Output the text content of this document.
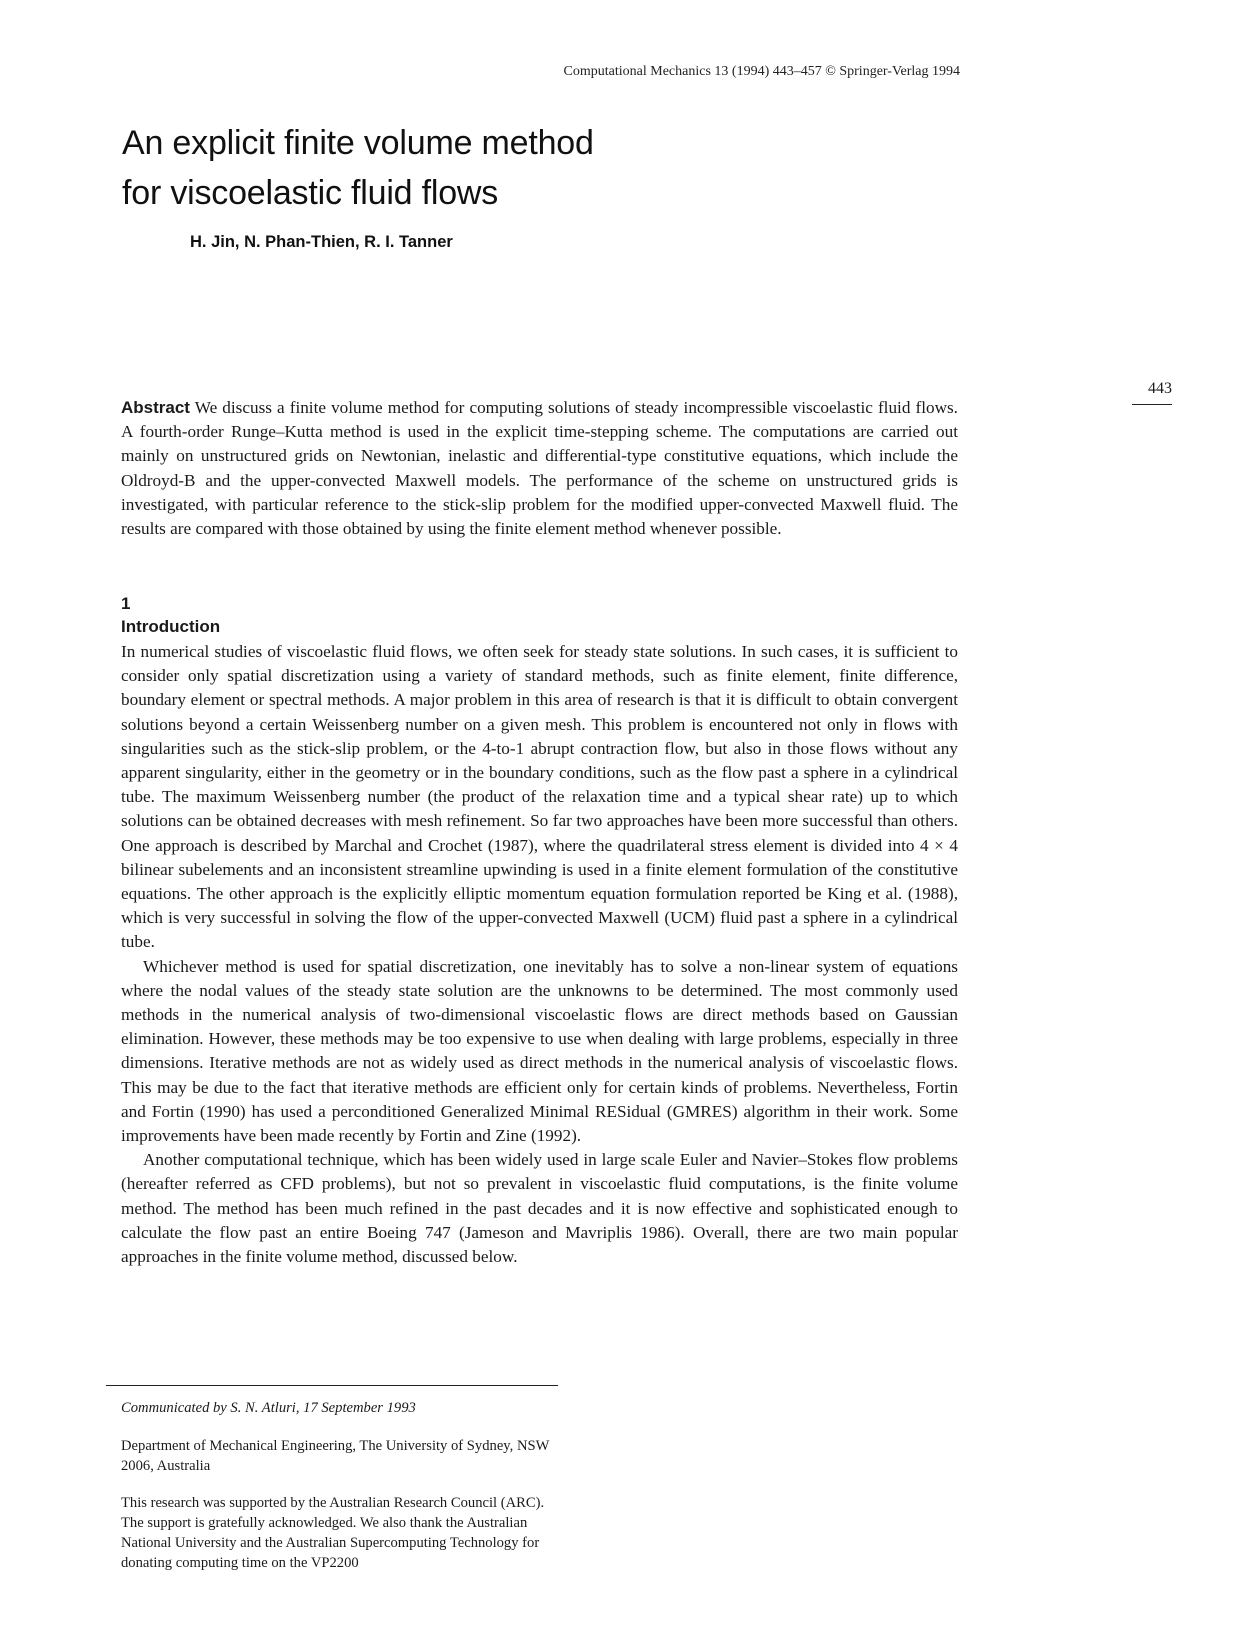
Computational Mechanics 13 (1994) 443–457 © Springer-Verlag 1994
An explicit finite volume method
for viscoelastic fluid flows
H. Jin, N. Phan-Thien, R. I. Tanner
443
Abstract We discuss a finite volume method for computing solutions of steady incompressible viscoelastic fluid flows. A fourth-order Runge–Kutta method is used in the explicit time-stepping scheme. The computations are carried out mainly on unstructured grids on Newtonian, inelastic and differential-type constitutive equations, which include the Oldroyd-B and the upper-convected Maxwell models. The performance of the scheme on unstructured grids is investigated, with particular reference to the stick-slip problem for the modified upper-convected Maxwell fluid. The results are compared with those obtained by using the finite element method whenever possible.
1
Introduction

In numerical studies of viscoelastic fluid flows, we often seek for steady state solutions. In such cases, it is sufficient to consider only spatial discretization using a variety of standard methods, such as finite element, finite difference, boundary element or spectral methods. A major problem in this area of research is that it is difficult to obtain convergent solutions beyond a certain Weissenberg number on a given mesh. This problem is encountered not only in flows with singularities such as the stick-slip problem, or the 4-to-1 abrupt contraction flow, but also in those flows without any apparent singularity, either in the geometry or in the boundary conditions, such as the flow past a sphere in a cylindrical tube. The maximum Weissenberg number (the product of the relaxation time and a typical shear rate) up to which solutions can be obtained decreases with mesh refinement. So far two approaches have been more successful than others. One approach is described by Marchal and Crochet (1987), where the quadrilateral stress element is divided into 4 × 4 bilinear subelements and an inconsistent streamline upwinding is used in a finite element formulation of the constitutive equations. The other approach is the explicitly elliptic momentum equation formulation reported be King et al. (1988), which is very successful in solving the flow of the upper-convected Maxwell (UCM) fluid past a sphere in a cylindrical tube.

Whichever method is used for spatial discretization, one inevitably has to solve a non-linear system of equations where the nodal values of the steady state solution are the unknowns to be determined. The most commonly used methods in the numerical analysis of two-dimensional viscoelastic flows are direct methods based on Gaussian elimination. However, these methods may be too expensive to use when dealing with large problems, especially in three dimensions. Iterative methods are not as widely used as direct methods in the numerical analysis of viscoelastic flows. This may be due to the fact that iterative methods are efficient only for certain kinds of problems. Nevertheless, Fortin and Fortin (1990) has used a perconditioned Generalized Minimal RESidual (GMRES) algorithm in their work. Some improvements have been made recently by Fortin and Zine (1992).

Another computational technique, which has been widely used in large scale Euler and Navier–Stokes flow problems (hereafter referred as CFD problems), but not so prevalent in viscoelastic fluid computations, is the finite volume method. The method has been much refined in the past decades and it is now effective and sophisticated enough to calculate the flow past an entire Boeing 747 (Jameson and Mavriplis 1986). Overall, there are two main popular approaches in the finite volume method, discussed below.

Communicated by S. N. Atluri, 17 September 1993
Department of Mechanical Engineering, The University of Sydney, NSW 2006, Australia
This research was supported by the Australian Research Council (ARC). The support is gratefully acknowledged. We also thank the Australian National University and the Australian Supercomputing Technology for donating computing time on the VP2200
